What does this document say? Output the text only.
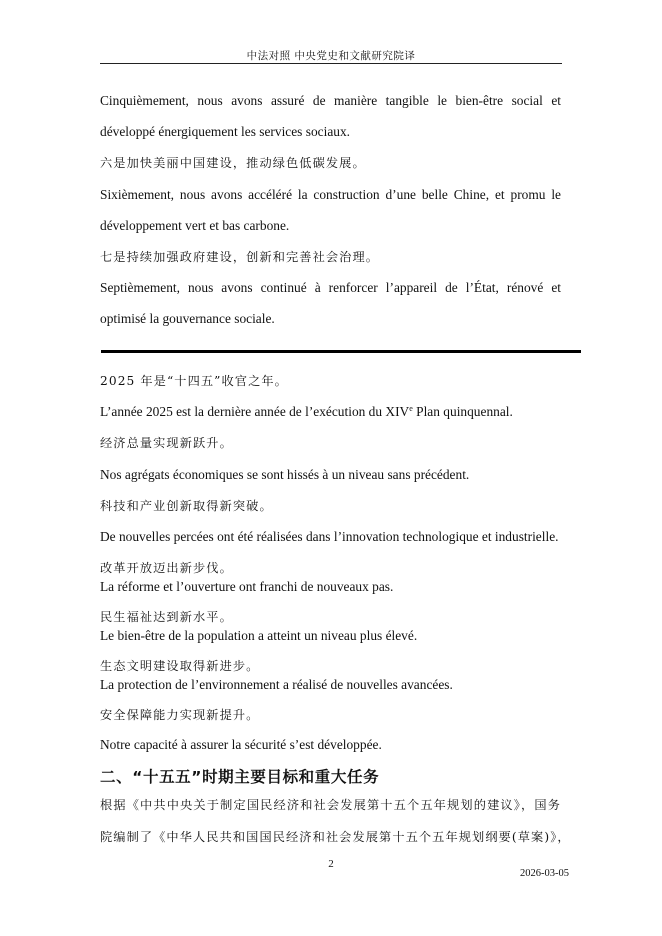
中法对照 中央党史和文献研究院译
Cinquièmement, nous avons assuré de manière tangible le bien-être social et
développé énergiquement les services sociaux.
六是加快美丽中国建设，推动绿色低碳发展。
Sixièmement, nous avons accéléré la construction d’une belle Chine, et promu le
développement vert et bas carbone.
七是持续加强政府建设，创新和完善社会治理。
Septièmement, nous avons continué à renforcer l’appareil de l’État, rénové et
optimisé la gouvernance sociale.
2025 年是“十四五”收官之年。
L’année 2025 est la dernière année de l’exécution du XIVe Plan quinquennal.
经济总量实现新跃升。
Nos agrégats économiques se sont hissés à un niveau sans précédent.
科技和产业创新取得新突破。
De nouvelles percées ont été réalisées dans l’innovation technologique et industrielle.
改革开放迈出新步伐。
La réforme et l’ouverture ont franchi de nouveaux pas.
民生福祉达到新水平。
Le bien-être de la population a atteint un niveau plus élevé.
生态文明建设取得新进步。
La protection de l’environnement a réalisé de nouvelles avancées.
安全保障能力实现新提升。
Notre capacité à assurer la sécurité s’est développée.
二、“十五五”时期主要目标和重大任务
根据《中共中央关于制定国民经济和社会发展第十五个五年规划的建议》，国务
院编制了《中华人民共和国国民经济和社会发展第十五个五年规划纲要(草案)》，
2
2026-03-05
